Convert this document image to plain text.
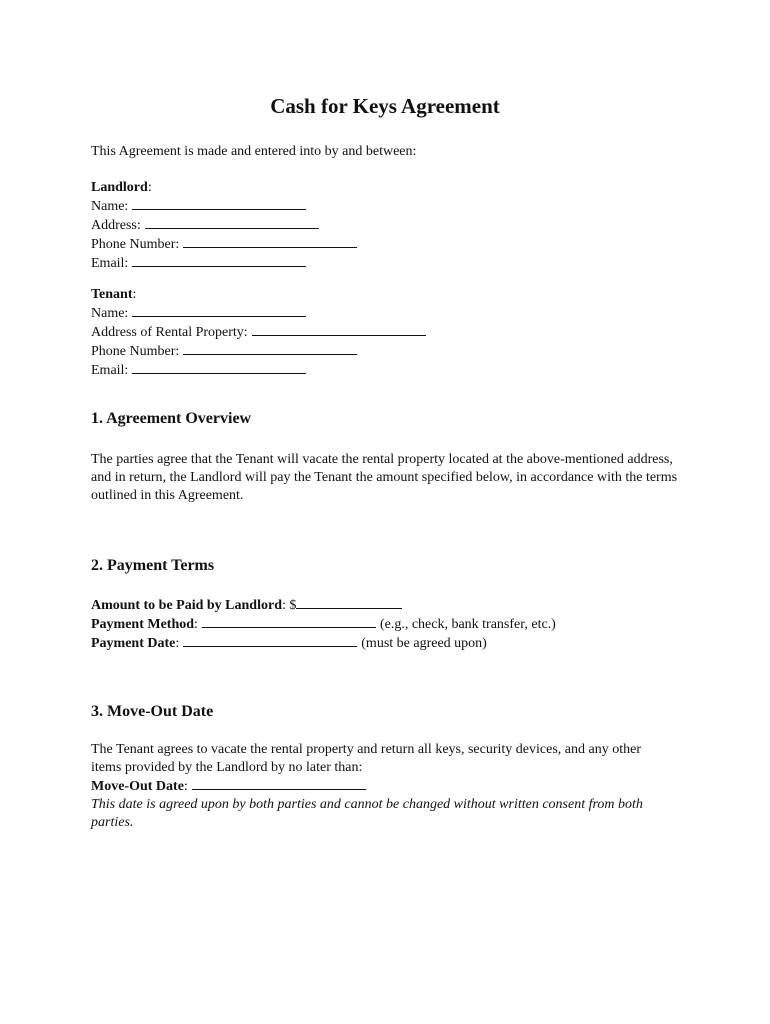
Cash for Keys Agreement
This Agreement is made and entered into by and between:
Landlord:
Name:
Address:
Phone Number:
Email:
Tenant:
Name:
Address of Rental Property:
Phone Number:
Email:
1. Agreement Overview
The parties agree that the Tenant will vacate the rental property located at the above-mentioned address, and in return, the Landlord will pay the Tenant the amount specified below, in accordance with the terms outlined in this Agreement.
2. Payment Terms
Amount to be Paid by Landlord: $
Payment Method:	(e.g., check, bank transfer, etc.)
Payment Date:	(must be agreed upon)
3. Move-Out Date
The Tenant agrees to vacate the rental property and return all keys, security devices, and any other items provided by the Landlord by no later than:
Move-Out Date:
This date is agreed upon by both parties and cannot be changed without written consent from both parties.
